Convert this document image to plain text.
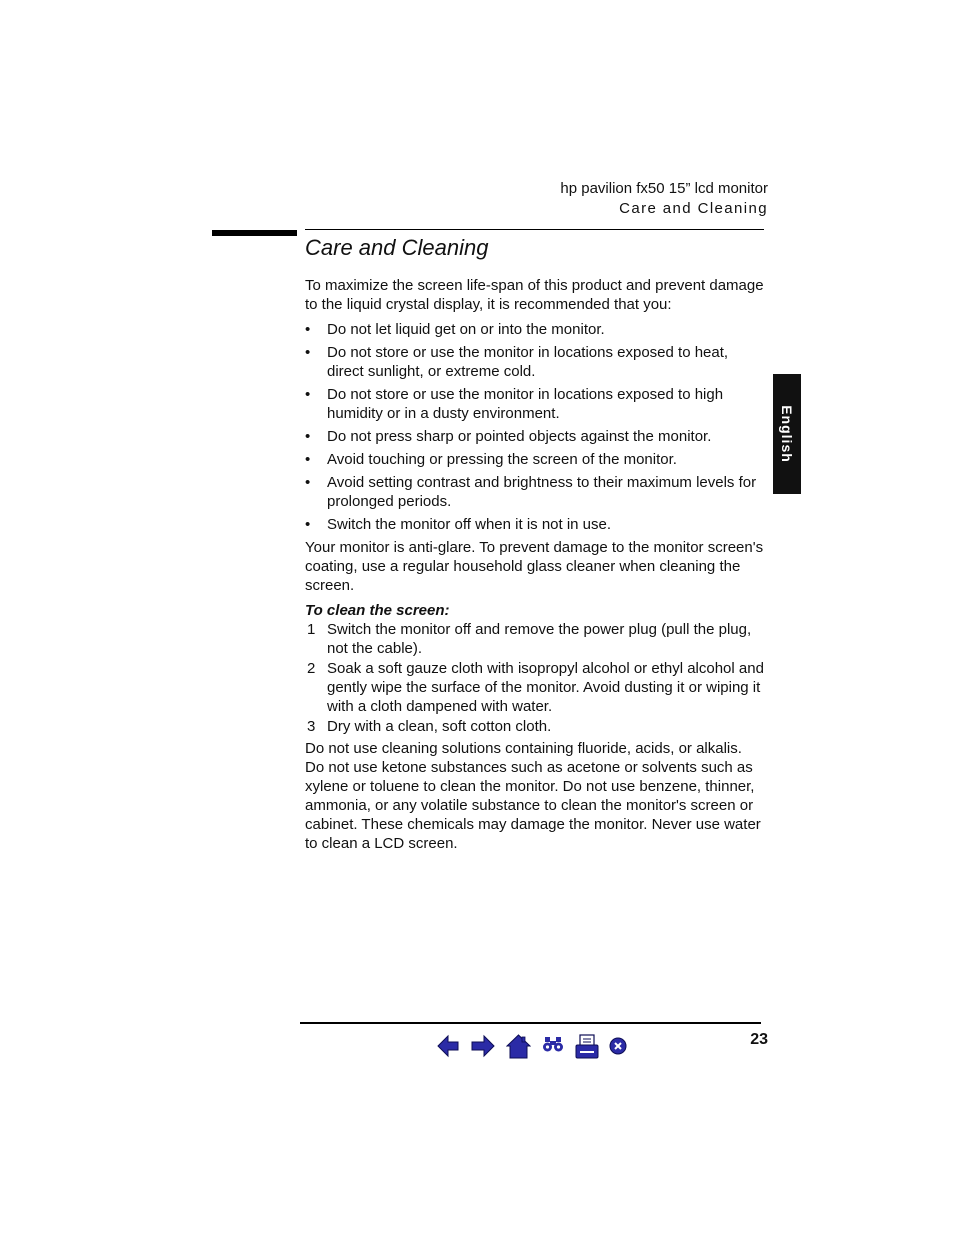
hp pavilion fx50 15” lcd monitor
Care and Cleaning
Care and Cleaning

To maximize the screen life-span of this product and prevent damage to the liquid crystal display, it is recommended that you:

• Do not let liquid get on or into the monitor.
• Do not store or use the monitor in locations exposed to heat, direct sunlight, or extreme cold.
• Do not store or use the monitor in locations exposed to high humidity or in a dusty environment.
• Do not press sharp or pointed objects against the monitor.
• Avoid touching or pressing the screen of the monitor.
• Avoid setting contrast and brightness to their maximum levels for prolonged periods.
• Switch the monitor off when it is not in use.

Your monitor is anti-glare. To prevent damage to the monitor screen's coating, use a regular household glass cleaner when cleaning the screen.

To clean the screen:

1 Switch the monitor off and remove the power plug (pull the plug, not the cable).
2 Soak a soft gauze cloth with isopropyl alcohol or ethyl alcohol and gently wipe the surface of the monitor. Avoid dusting it or wiping it with a cloth dampened with water.
3 Dry with a clean, soft cotton cloth.

Do not use cleaning solutions containing fluoride, acids, or alkalis. Do not use ketone substances such as acetone or solvents such as xylene or toluene to clean the monitor. Do not use benzene, thinner, ammonia, or any volatile substance to clean the monitor's screen or cabinet. These chemicals may damage the monitor. Never use water to clean a LCD screen.

English
23
